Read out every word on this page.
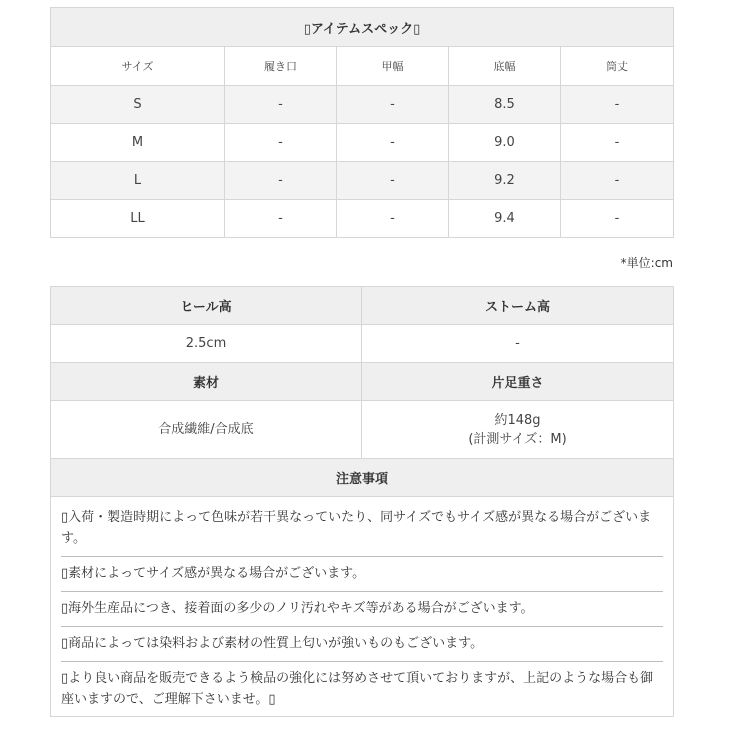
▯アイテムスペック▯				
サイズ	履き口	甲幅	底幅	筒丈
S	-	-	8.5	-
M	-	-	9.0	-
L	-	-	9.2	-
LL	-	-	9.4	-
*単位:cm
ヒール高	ストーム高
2.5cm	-
素材	片足重さ
合成繊維/合成底	約148g
(計測サイズ：M)

注意事項	

▯入荷・製造時期によって色味が若干異なっていたり、同サイズでもサイズ感が異なる場合がございます。
▯素材によってサイズ感が異なる場合がございます。
▯海外生産品につき、接着面の多少のノリ汚れやキズ等がある場合がございます。
▯商品によっては染料および素材の性質上匂いが強いものもございます。
▯より良い商品を販売できるよう検品の強化には努めさせて頂いておりますが、上記のような場合も御座いますので、ご理解下さいませ。▯	
